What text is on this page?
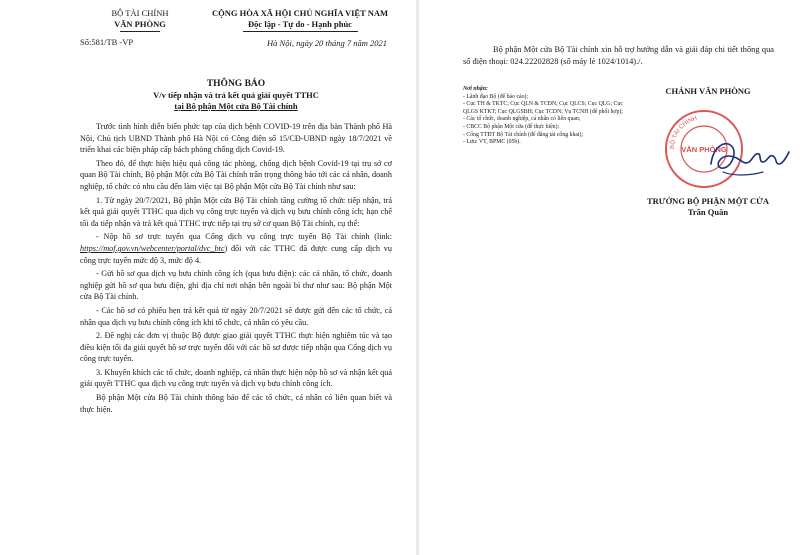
BỘ TÀI CHÍNH
VĂN PHÒNG
Số:581/TB -VP
CỘNG HÒA XÃ HỘI CHỦ NGHĨA VIỆT NAM
Độc lập - Tự do - Hạnh phúc
Hà Nội, ngày 20 tháng 7 năm 2021
THÔNG BÁO
V/v tiếp nhận và trả kết quả giải quyết TTHC
tại Bộ phận Một cửa Bộ Tài chính

Trước tình hình diễn biến phức tạp của dịch bệnh COVID-19 trên địa bàn Thành phố Hà Nội, Chủ tịch UBND Thành phố Hà Nội có Công điện số 15/CĐ-UBND ngày 18/7/2021 về triển khai các biện pháp cấp bách phòng chống dịch Covid-19.

Theo đó, để thực hiện hiệu quả công tác phòng, chống dịch bệnh Covid-19 tại trụ sở cơ quan Bộ Tài chính, Bộ phận Một cửa Bộ Tài chính trân trọng thông báo tới các cá nhân, doanh nghiệp, tổ chức có nhu cầu đến làm việc tại Bộ phận Một cửa Bộ Tài chính như sau:

1. Từ ngày 20/7/2021, Bộ phận Một cửa Bộ Tài chính tăng cường tổ chức tiếp nhận, trả kết quả giải quyết TTHC qua dịch vụ công trực tuyến và dịch vụ bưu chính công ích; hạn chế tối đa tiếp nhận và trả kết quả TTHC trực tiếp tại trụ sở cơ quan Bộ Tài chính, cụ thể:

- Nộp hồ sơ trực tuyến qua Cổng dịch vụ công trực tuyến Bộ Tài chính (link: https://mof.gov.vn/webcenter/portal/dvc_btc) đối với các TTHC đã được cung cấp dịch vụ công trực tuyến mức độ 3, mức độ 4.

- Gửi hồ sơ qua dịch vụ bưu chính công ích (qua bưu điện): các cá nhân, tổ chức, doanh nghiệp gửi hồ sơ qua bưu điện, ghi địa chỉ nơi nhận bên ngoài bì thư như sau: Bộ phận Một cửa Bộ Tài chính.

- Các hồ sơ có phiếu hẹn trả kết quả từ ngày 20/7/2021 sẽ được gửi đến các tổ chức, cá nhân qua dịch vụ bưu chính công ích khi tổ chức, cá nhân có yêu cầu.

2. Đề nghị các đơn vị thuộc Bộ được giao giải quyết TTHC thực hiện nghiêm túc và tạo điều kiện tối đa giải quyết hồ sơ trực tuyến đối với các hồ sơ được tiếp nhận qua Cổng dịch vụ công trực tuyến.

3. Khuyến khích các tổ chức, doanh nghiệp, cá nhân thực hiện nộp hồ sơ và nhận kết quả giải quyết TTHC qua dịch vụ công trực tuyến và dịch vụ bưu chính công ích.

Bộ phận Một cửa Bộ Tài chính thông báo để các tổ chức, cá nhân có liên quan biết và thực hiện.

Bộ phận Một cửa Bộ Tài chính xin hỗ trợ hướng dẫn và giải đáp chi tiết thông qua số điện thoại: 024.22202828 (số máy lẻ 1024/1014)./.

Nơi nhận:
- Lãnh đạo Bộ (để báo cáo);
- Cục TH & TKTC; Cục QLN & TCĐN; Cục QLCS; Cục QLG; Cục QLGS KTKT; Cục QLGSBH; Cục TCDN; Vụ TCNH (để phối hợp);
- Các tổ chức, doanh nghiệp, cá nhân có liên quan;
- CBCC Bộ phận Một cửa (để thực hiện);
- Cổng TTĐT Bộ Tài chính (để đăng tải công khai);
- Lưu: VT, BPMC (05b).
CHÁNH VĂN PHÒNG
BỘ TÀI CHÍNH
VĂN PHÒNG
TRƯỞNG BỘ PHẬN MỘT CỬA
Trần Quân
